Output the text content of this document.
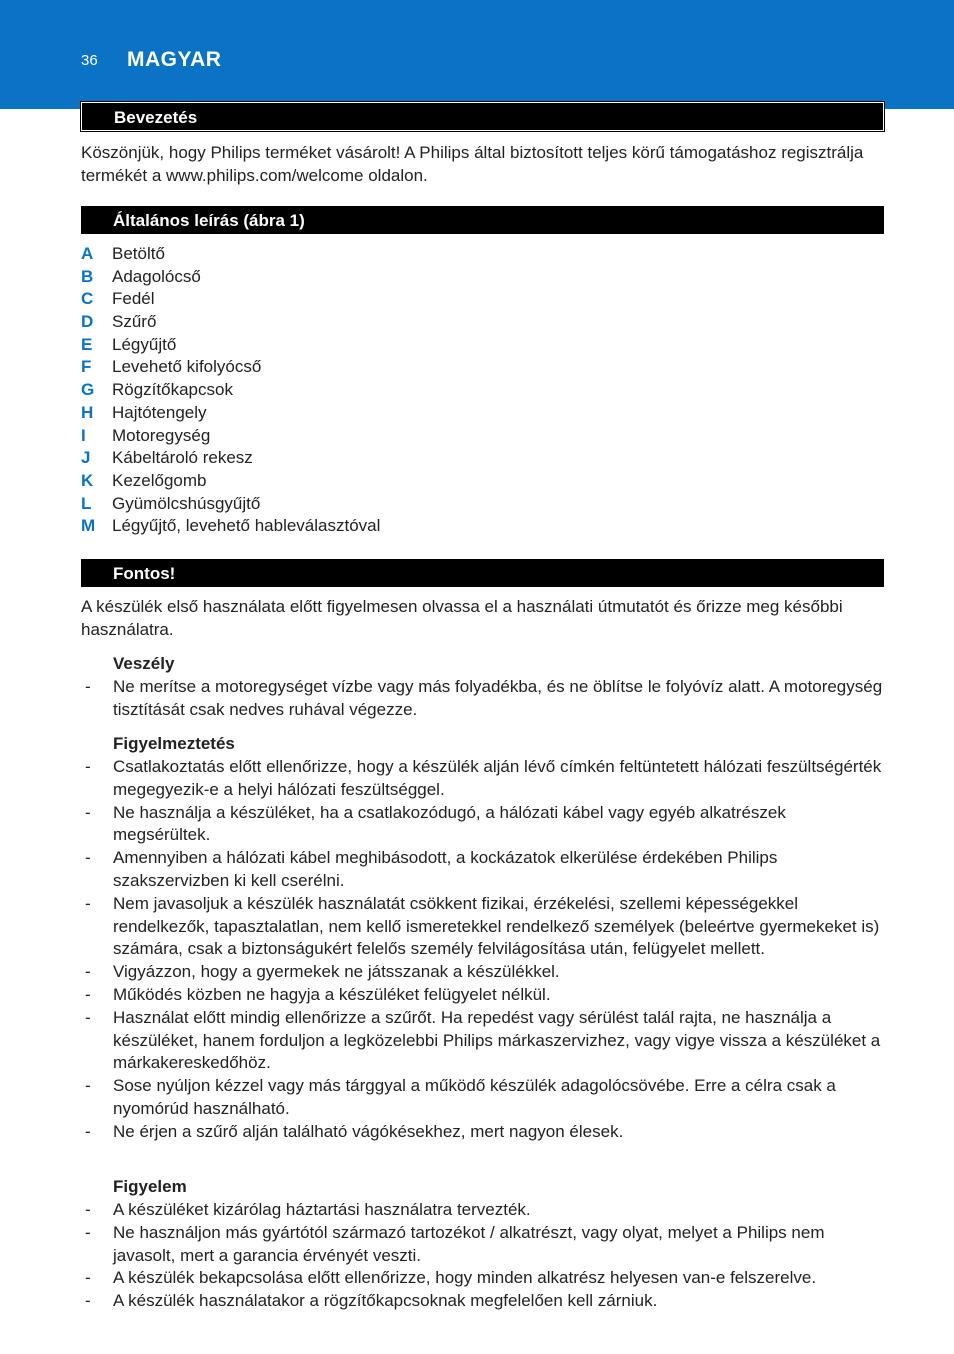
36 MAGYAR
Bevezetés
Köszönjük, hogy Philips terméket vásárolt! A Philips által biztosított teljes körű támogatáshoz regisztrálja termékét a www.philips.com/welcome oldalon.
Általános leírás (ábra 1)
A	Betöltő
B	Adagolócső
C	Fedél
D	Szűrő
E	Légyűjtő
F	Levehető kifolyócső
G	Rögzítőkapcsok
H	Hajtótengely
I	Motoregység
J	Kábeltároló rekesz
K	Kezelőgomb
L	Gyümölcshúsgyűjtő
M Légyűjtő, levehető hableválasztóval
Fontos!
A készülék első használata előtt figyelmesen olvassa el a használati útmutatót és őrizze meg későbbi használatra.
Veszély
-	Ne merítse a motoregységet vízbe vagy más folyadékba, és ne öblítse le folyóvíz alatt. A motoregység tisztítását csak nedves ruhával végezze.
Figyelmeztetés
-	Csatlakoztatás előtt ellenőrizze, hogy a készülék alján lévő címkén feltüntetett hálózati feszültségérték megegyezik-e a helyi hálózati feszültséggel.
-	Ne használja a készüléket, ha a csatlakozódugó, a hálózati kábel vagy egyéb alkatrészek megsérültek.
-	Amennyiben a hálózati kábel meghibásodott, a kockázatok elkerülése érdekében Philips szakszervizben ki kell cserélni.
-	Nem javasoljuk a készülék használatát csökkent fizikai, érzékelési, szellemi képességekkel rendelkezők, tapasztalatlan, nem kellő ismeretekkel rendelkező személyek (beleértve gyermekeket is) számára, csak a biztonságukért felelős személy felvilágosítása után, felügyelet mellett.
-	Vigyázzon, hogy a gyermekek ne játsszanak a készülékkel.
-	Működés közben ne hagyja a készüléket felügyelet nélkül.
-	Használat előtt mindig ellenőrizze a szűrőt. Ha repedést vagy sérülést talál rajta, ne használja a készüléket, hanem forduljon a legközelebbi Philips márkaszervizhez, vagy vigye vissza a készüléket a márkakereskedőhöz.
-	Sose nyúljon kézzel vagy más tárggyal a működő készülék adagolócsövébe. Erre a célra csak a nyomórúd használható.
-	Ne érjen a szűrő alján található vágókésekhez, mert nagyon élesek.
Figyelem
-	A készüléket kizárólag háztartási használatra tervezték.
-	Ne használjon más gyártótól származó tartozékot / alkatrészt, vagy olyat, melyet a Philips nem javasolt, mert a garancia érvényét veszti.
-	A készülék bekapcsolása előtt ellenőrizze, hogy minden alkatrész helyesen van-e felszerelve.
-	A készülék használatakor a rögzítőkapcsoknak megfelelően kell zárniuk.
